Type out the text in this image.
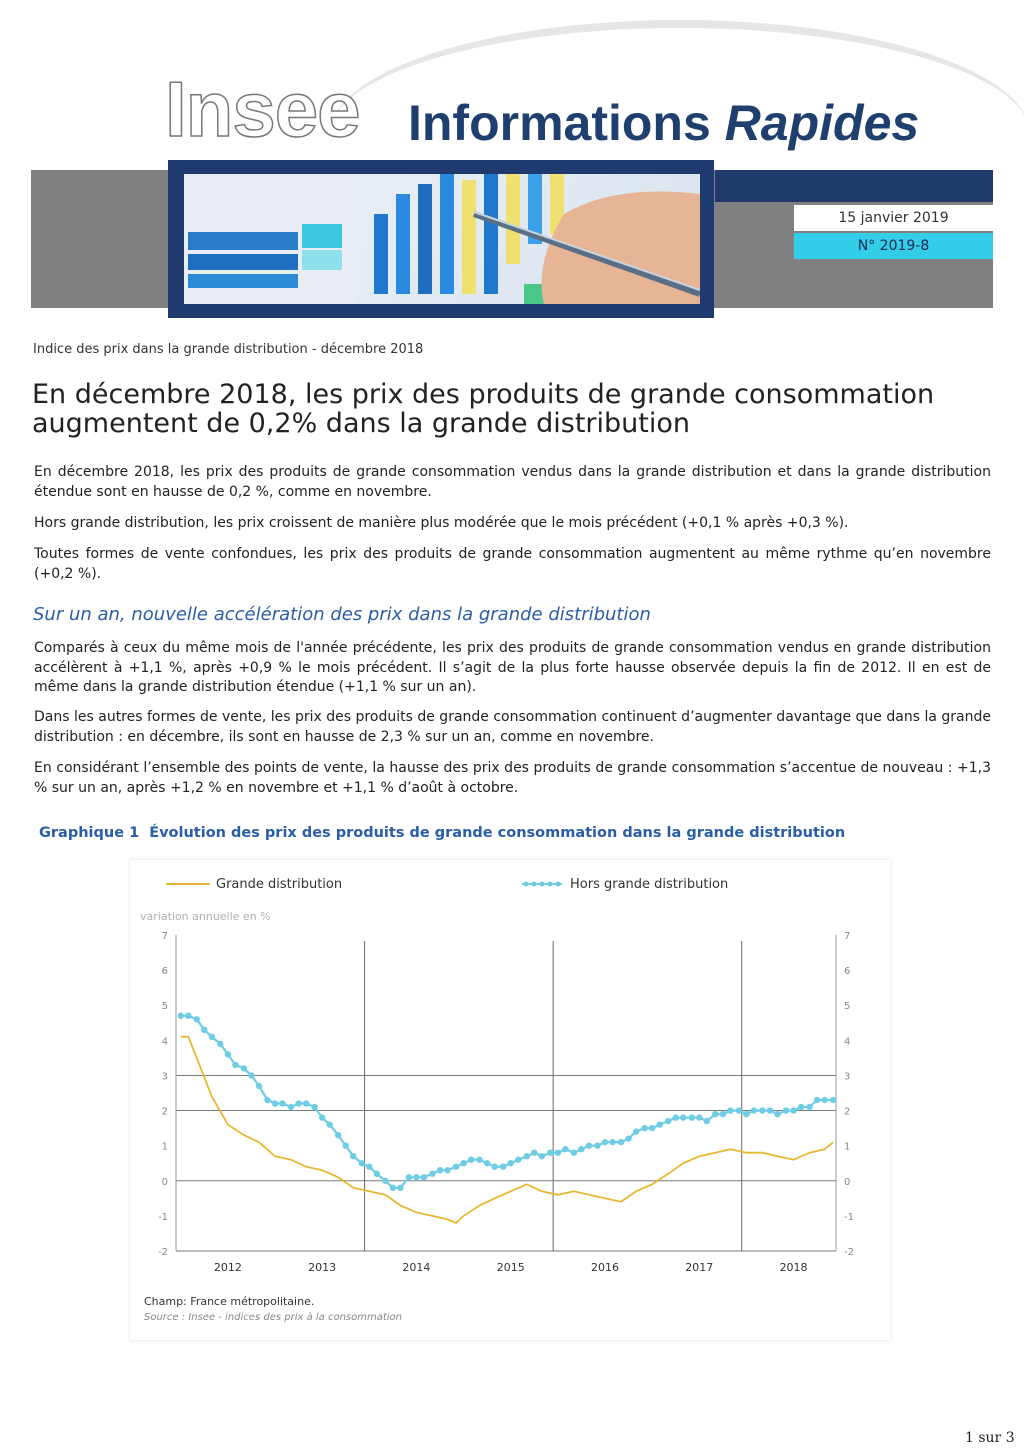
Insee Informations Rapides
15 janvier 2019
N° 2019-8
Indice des prix dans la grande distribution - décembre 2018
En décembre 2018, les prix des produits de grande consommation augmentent de 0,2% dans la grande distribution

En décembre 2018, les prix des produits de grande consommation vendus dans la grande distribution et dans la grande distribution étendue sont en hausse de 0,2 %, comme en novembre.

Hors grande distribution, les prix croissent de manière plus modérée que le mois précédent (+0,1 % après +0,3 %).

Toutes formes de vente confondues, les prix des produits de grande consommation augmentent au même rythme qu’en novembre (+0,2 %).

Sur un an, nouvelle accélération des prix dans la grande distribution

Comparés à ceux du même mois de l'année précédente, les prix des produits de grande consommation vendus en grande distribution accélèrent à +1,1 %, après +0,9 % le mois précédent. Il s’agit de la plus forte hausse observée depuis la fin de 2012. Il en est de même dans la grande distribution étendue (+1,1 % sur un an).

Dans les autres formes de vente, les prix des produits de grande consommation continuent d’augmenter davantage que dans la grande distribution : en décembre, ils sont en hausse de 2,3 % sur un an, comme en novembre.

En considérant l’ensemble des points de vente, la hausse des prix des produits de grande consommation s’accentue de nouveau : +1,3 % sur un an, après +1,2 % en novembre et +1,1 % d’août à octobre.

Graphique 1 Évolution des prix des produits de grande consommation dans la grande distribution
variation annuelle en %
-2	-2
-1	-1
0	0
1	1
2	2
3	3
4	4
5	5
6	6
7	7
2012	2013	2014	2015	2016	2017	2018
Grande distribution	Hors grande distribution
Champ: France métropolitaine.
Source : Insee - indices des prix à la consommation
1 sur 3
